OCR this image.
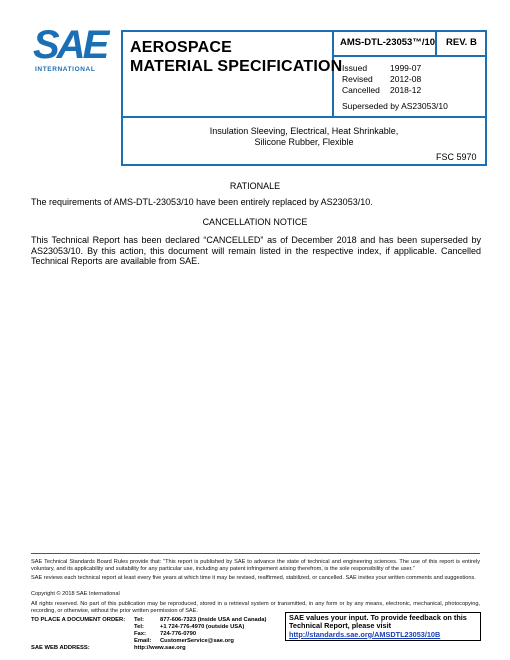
SAE
INTERNATIONAL
AEROSPACE
MATERIAL SPECIFICATION
AMS-DTL-23053™/10 REV. B
Issued	1999-07
Revised	2012-08
Cancelled	2018-12
Superseded by AS23053/10
Insulation Sleeving, Electrical, Heat Shrinkable,
Silicone Rubber, Flexible
FSC 5970
RATIONALE
The requirements of AMS-DTL-23053/10 have been entirely replaced by AS23053/10.
CANCELLATION NOTICE
This Technical Report has been declared “CANCELLED” as of December 2018 and has been superseded by AS23053/10. By this action, this document will remain listed in the respective index, if applicable. Cancelled Technical Reports are available from SAE.
SAE Technical Standards Board Rules provide that: “This report is published by SAE to advance the state of technical and engineering sciences. The use of this report is entirely voluntary, and its applicability and suitability for any particular use, including any patent infringement arising therefrom, is the sole responsibility of the user.”
SAE reviews each technical report at least every five years at which time it may be revised, reaffirmed, stabilized, or cancelled. SAE invites your written comments and suggestions.
Copyright © 2018 SAE International
All rights reserved. No part of this publication may be reproduced, stored in a retrieval system or transmitted, in any form or by any means, electronic, mechanical, photocopying, recording, or otherwise, without the prior written permission of SAE.
TO PLACE A DOCUMENT ORDER:	Tel:	877-606-7323 (inside USA and Canada)
	Tel:	+1 724-776-4970 (outside USA)
	Fax:	724-776-0790
	Email:	CustomerService@sae.org
SAE WEB ADDRESS:	http://www.sae.org	
SAE values your input. To provide feedback on this
Technical Report, please visit
http://standards.sae.org/AMSDTL23053/10B
